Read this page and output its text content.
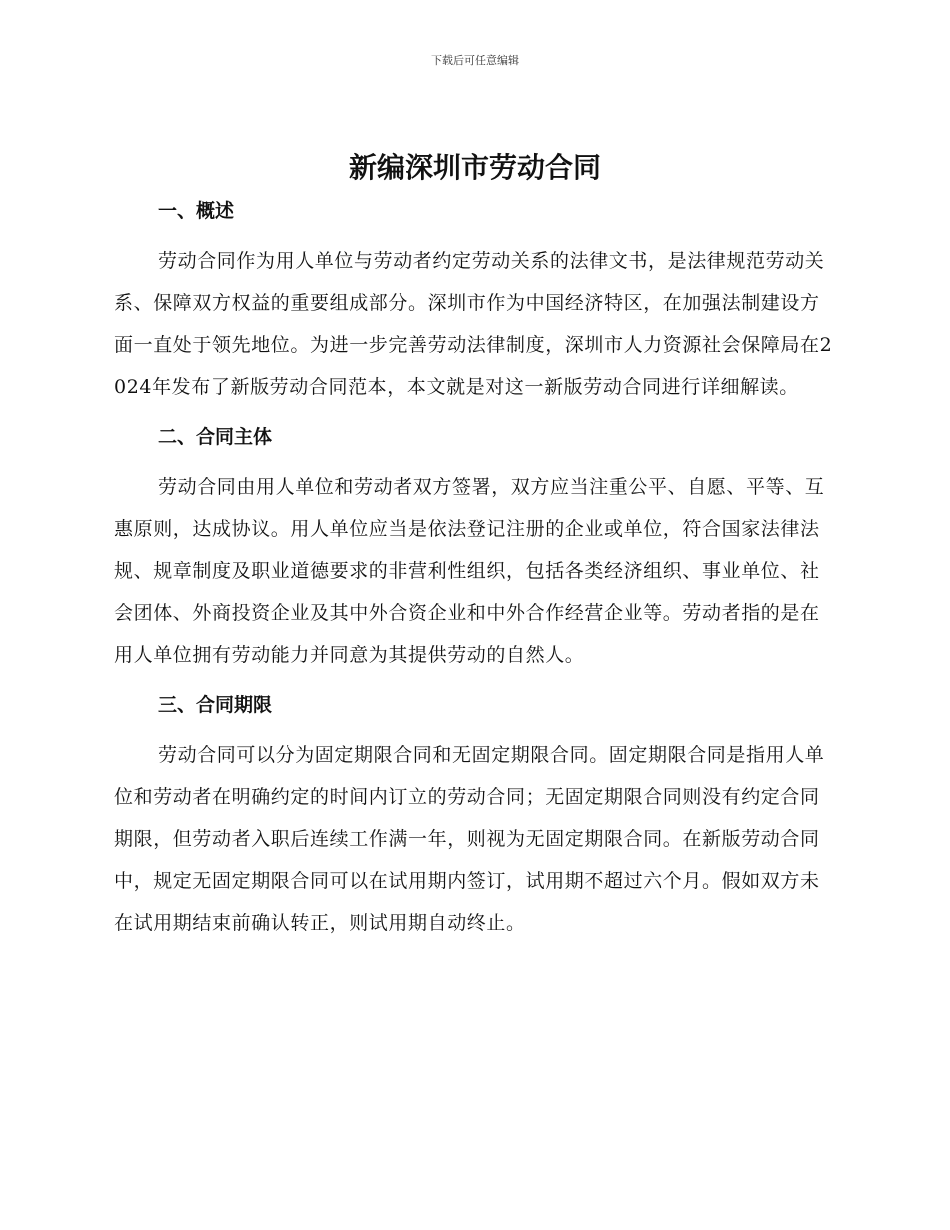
下载后可任意编辑
新编深圳市劳动合同
一、概述

劳动合同作为用人单位与劳动者约定劳动关系的法律文书，是法律规范劳动关系、保障双方权益的重要组成部分。深圳市作为中国经济特区，在加强法制建设方面一直处于领先地位。为进一步完善劳动法律制度，深圳市人力资源社会保障局在2024年发布了新版劳动合同范本，本文就是对这一新版劳动合同进行详细解读。

二、合同主体

劳动合同由用人单位和劳动者双方签署，双方应当注重公平、自愿、平等、互惠原则，达成协议。用人单位应当是依法登记注册的企业或单位，符合国家法律法规、规章制度及职业道德要求的非营利性组织，包括各类经济组织、事业单位、社会团体、外商投资企业及其中外合资企业和中外合作经营企业等。劳动者指的是在用人单位拥有劳动能力并同意为其提供劳动的自然人。

三、合同期限

劳动合同可以分为固定期限合同和无固定期限合同。固定期限合同是指用人单位和劳动者在明确约定的时间内订立的劳动合同；无固定期限合同则没有约定合同期限，但劳动者入职后连续工作满一年，则视为无固定期限合同。在新版劳动合同中，规定无固定期限合同可以在试用期内签订，试用期不超过六个月。假如双方未在试用期结束前确认转正，则试用期自动终止。
